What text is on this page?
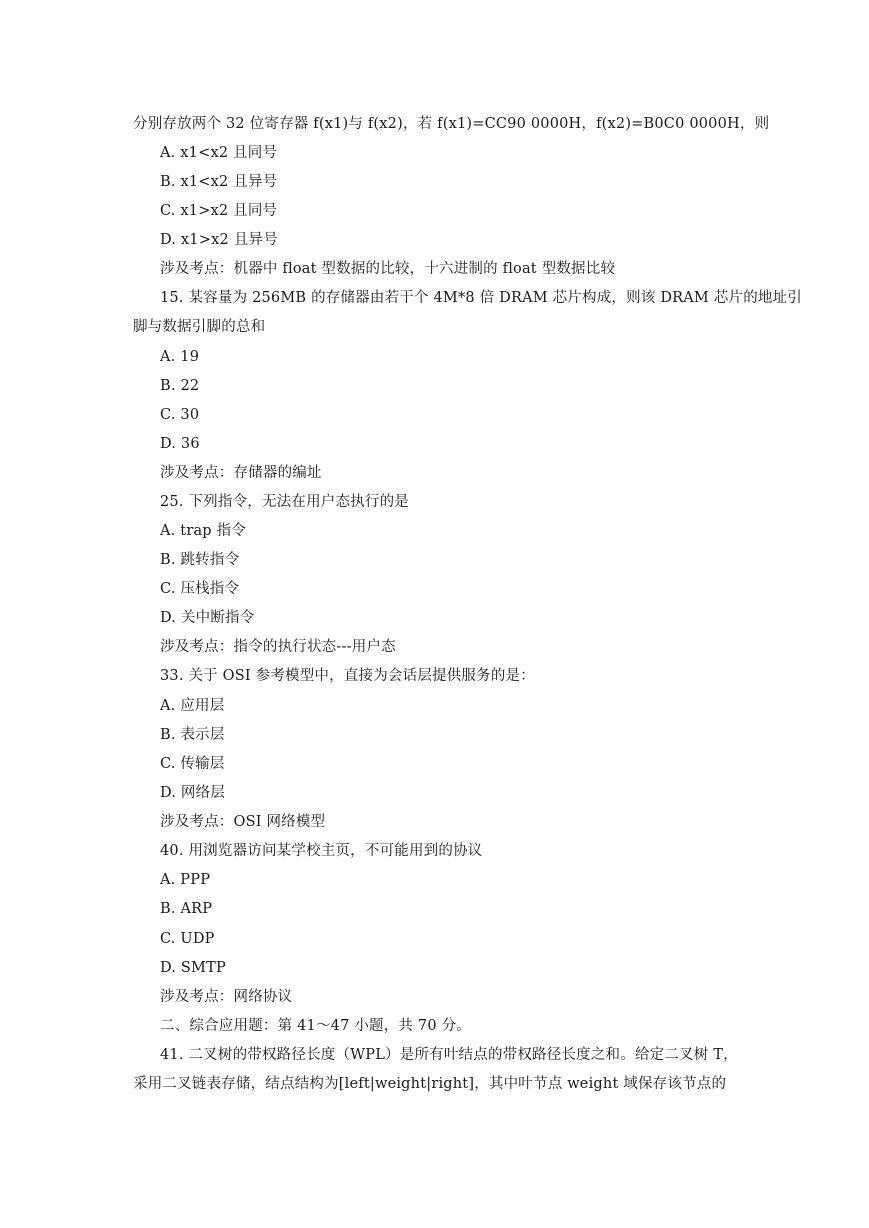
分别存放两个 32 位寄存器 f(x1)与 f(x2)，若 f(x1)=CC90 0000H，f(x2)=B0C0 0000H，则
A. x1<x2 且同号
B. x1<x2 且异号
C. x1>x2 且同号
D. x1>x2 且异号
涉及考点：机器中 float 型数据的比较，十六进制的 float 型数据比较
15. 某容量为 256MB 的存储器由若干个 4M*8 倍 DRAM 芯片构成，则该 DRAM 芯片的地址引
脚与数据引脚的总和
A. 19
B. 22
C. 30
D. 36
涉及考点：存储器的编址
25. 下列指令，无法在用户态执行的是
A. trap 指令
B. 跳转指令
C. 压栈指令
D. 关中断指令
涉及考点：指令的执行状态---用户态
33. 关于 OSI 参考模型中，直接为会话层提供服务的是：
A. 应用层
B. 表示层
C. 传输层
D. 网络层
涉及考点：OSI 网络模型
40. 用浏览器访问某学校主页，不可能用到的协议
A. PPP
B. ARP
C. UDP
D. SMTP
涉及考点：网络协议
二、综合应用题：第 41～47 小题，共 70 分。
41. 二叉树的带权路径长度（WPL）是所有叶结点的带权路径长度之和。给定二叉树 T，
采用二叉链表存储，结点结构为[left|weight|right]，其中叶节点 weight 域保存该节点的
